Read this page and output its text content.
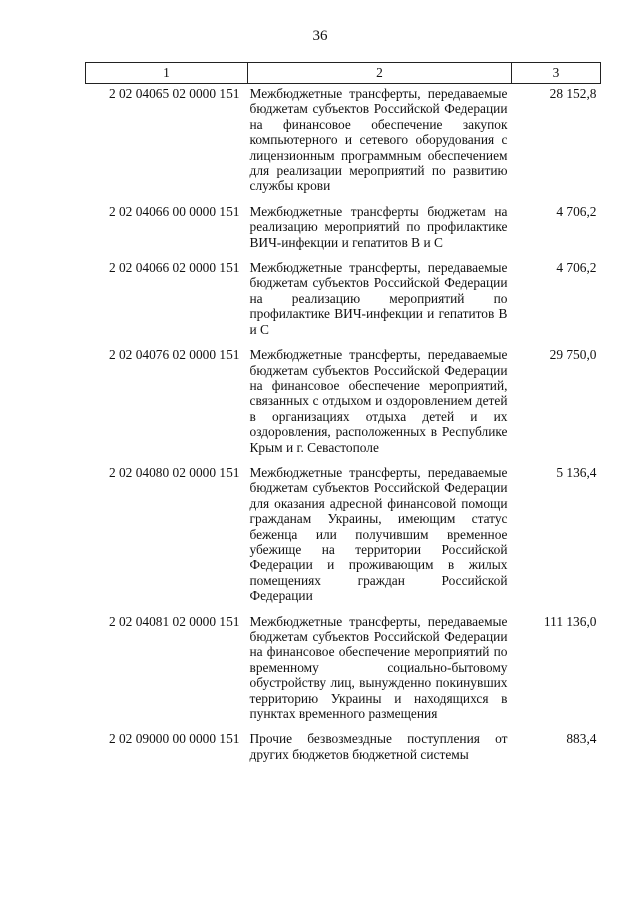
36
1	2	3
2 02 04065 02 0000 151	Межбюджетные трансферты, передаваемые бюджетам субъектов Российской Федерации на финансовое обеспечение закупок компьютерного и сетевого оборудования с лицензионным программным обеспечением для реализации мероприятий по развитию службы крови	28 152,8
2 02 04066 00 0000 151	Межбюджетные трансферты бюджетам на реализацию мероприятий по профилактике ВИЧ-инфекции и гепатитов В и С	4 706,2
2 02 04066 02 0000 151	Межбюджетные трансферты, передаваемые бюджетам субъектов Российской Федерации на реализацию мероприятий по профилактике ВИЧ-инфекции и гепатитов В и С	4 706,2
2 02 04076 02 0000 151	Межбюджетные трансферты, передаваемые бюджетам субъектов Российской Федерации на финансовое обеспечение мероприятий, связанных с отдыхом и оздоровлением детей в организациях отдыха детей и их оздоровления, расположенных в Республике Крым и г. Севастополе	29 750,0
2 02 04080 02 0000 151	Межбюджетные трансферты, передаваемые бюджетам субъектов Российской Федерации для оказания адресной финансовой помощи гражданам Украины, имеющим статус беженца или получившим временное убежище на территории Российской Федерации и проживающим в жилых помещениях граждан Российской Федерации	5 136,4
2 02 04081 02 0000 151	Межбюджетные трансферты, передаваемые бюджетам субъектов Российской Федерации на финансовое обеспечение мероприятий по временному социально-бытовому обустройству лиц, вынужденно покинувших территорию Украины и находящихся в пунктах временного размещения	111 136,0
2 02 09000 00 0000 151	Прочие безвозмездные поступления от других бюджетов бюджетной системы	883,4
